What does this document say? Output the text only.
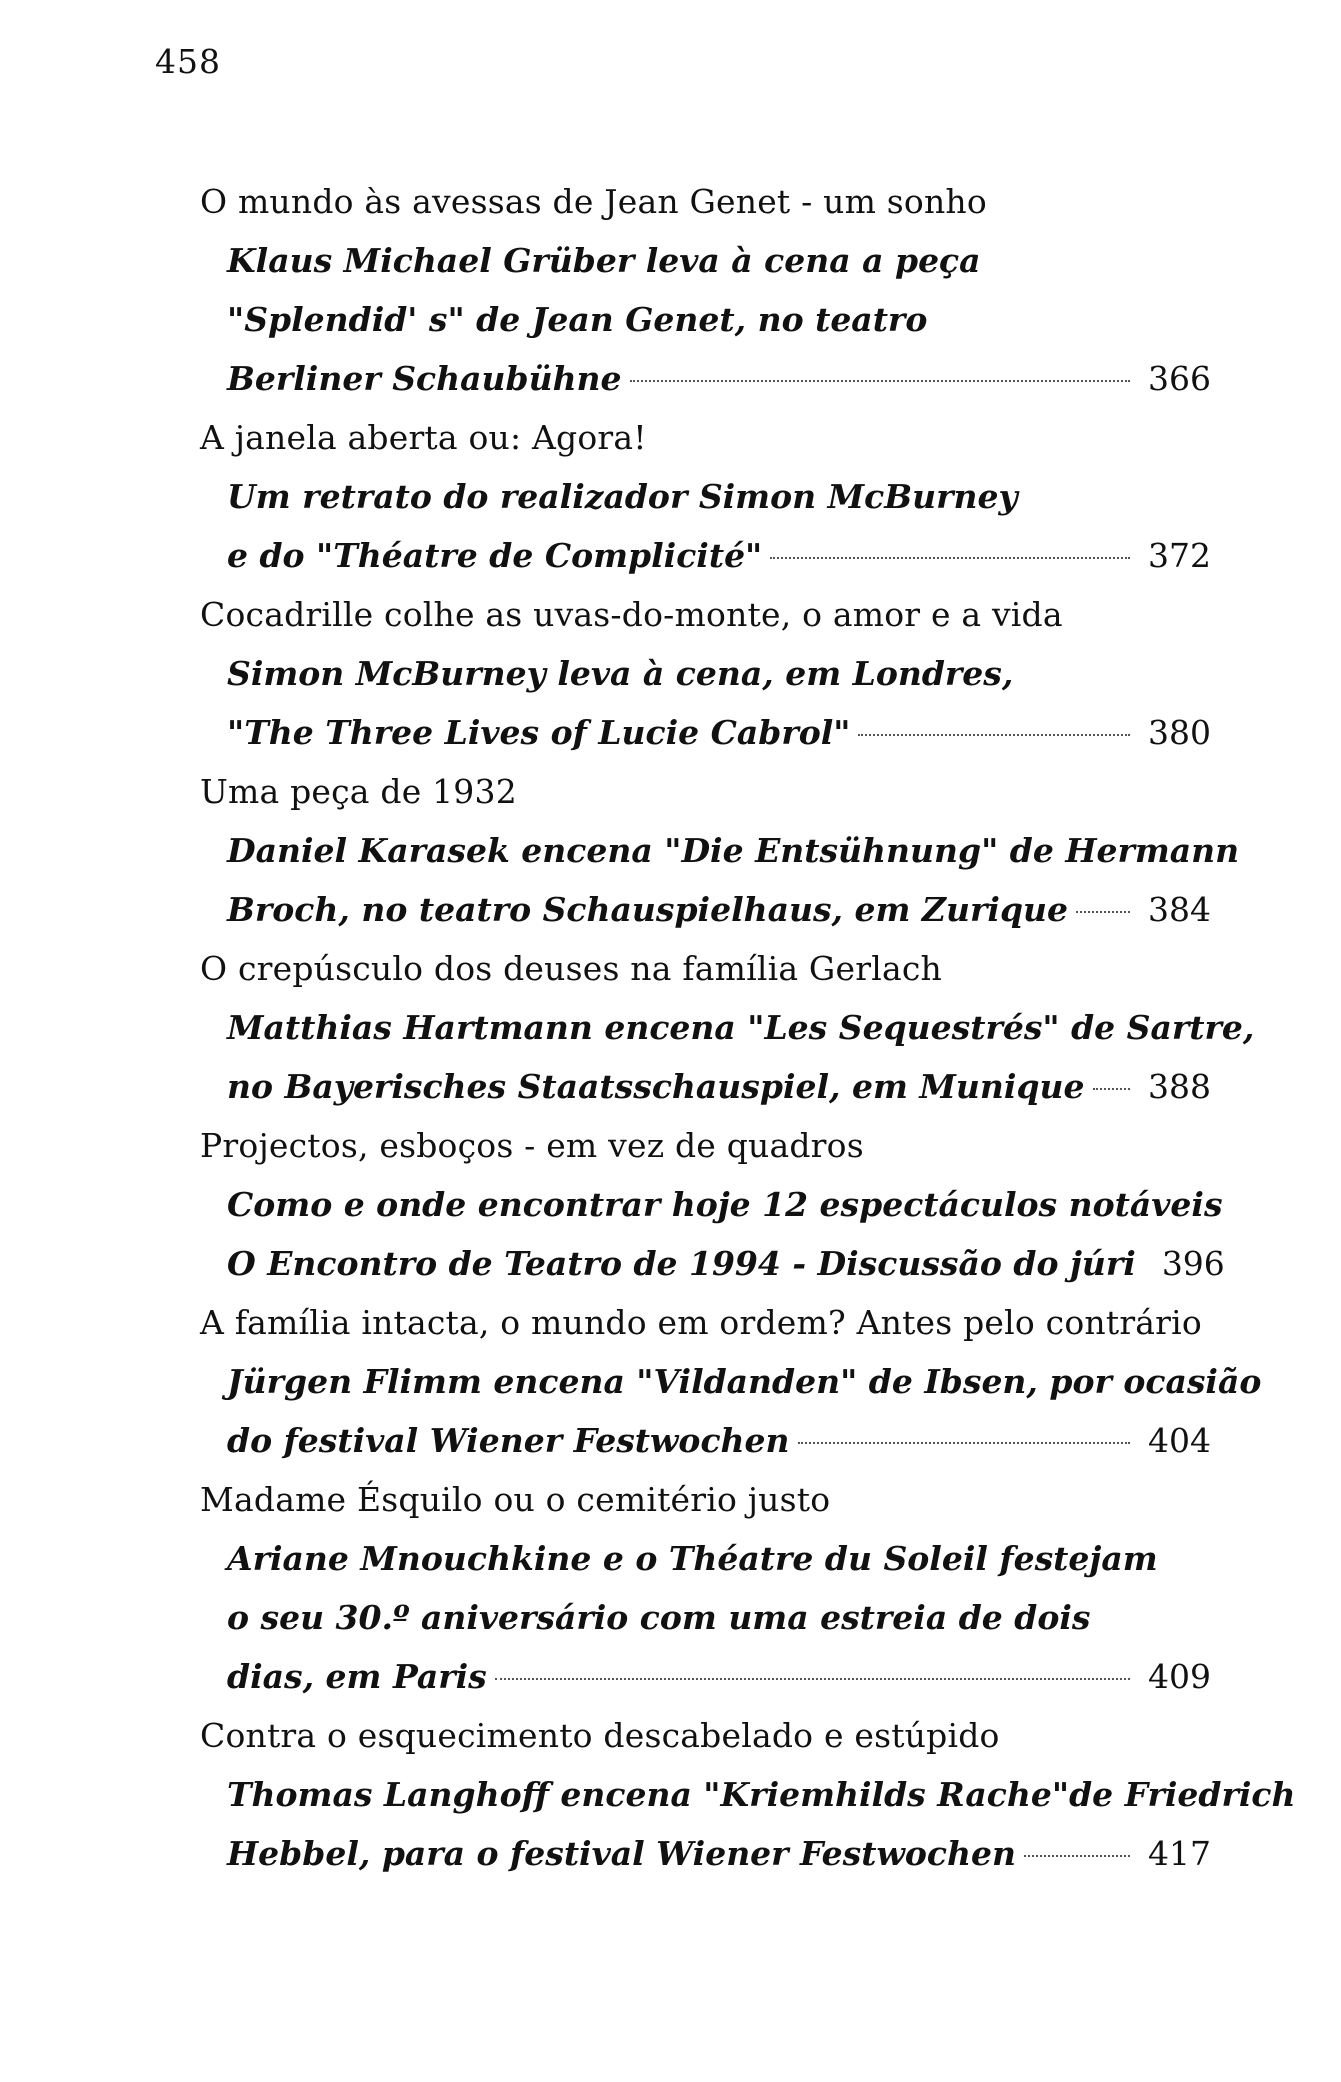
458
O mundo às avessas de Jean Genet - um sonho
Klaus Michael Grüber leva à cena a peça
"Splendid' s" de Jean Genet, no teatro
Berliner Schaubühne	366
A janela aberta ou: Agora!
Um retrato do realizador Simon McBurney
e do "Théatre de Complicité"	372
Cocadrille colhe as uvas-do-monte, o amor e a vida
Simon McBurney leva à cena, em Londres,
"The Three Lives of Lucie Cabrol"	380
Uma peça de 1932
Daniel Karasek encena "Die Entsühnung" de Hermann
Broch, no teatro Schauspielhaus, em Zurique 384
O crepúsculo dos deuses na família Gerlach
Matthias Hartmann encena "Les Sequestrés" de Sartre,
no Bayerisches Staatsschauspiel, em Munique 388
Projectos, esboços - em vez de quadros
Como e onde encontrar hoje 12 espectáculos notáveis
O Encontro de Teatro de 1994 - Discussão do júri 396
A família intacta, o mundo em ordem? Antes pelo contrário
Jürgen Flimm encena "Vildanden" de Ibsen, por ocasião
do festival Wiener Festwochen	404
Madame Ésquilo ou o cemitério justo
Ariane Mnouchkine e o Théatre du Soleil festejam
o seu 30.º aniversário com uma estreia de dois
dias, em Paris	409
Contra o esquecimento descabelado e estúpido
Thomas Langhoff encena "Kriemhilds Rache"de Friedrich
Hebbel, para o festival Wiener Festwochen	417
